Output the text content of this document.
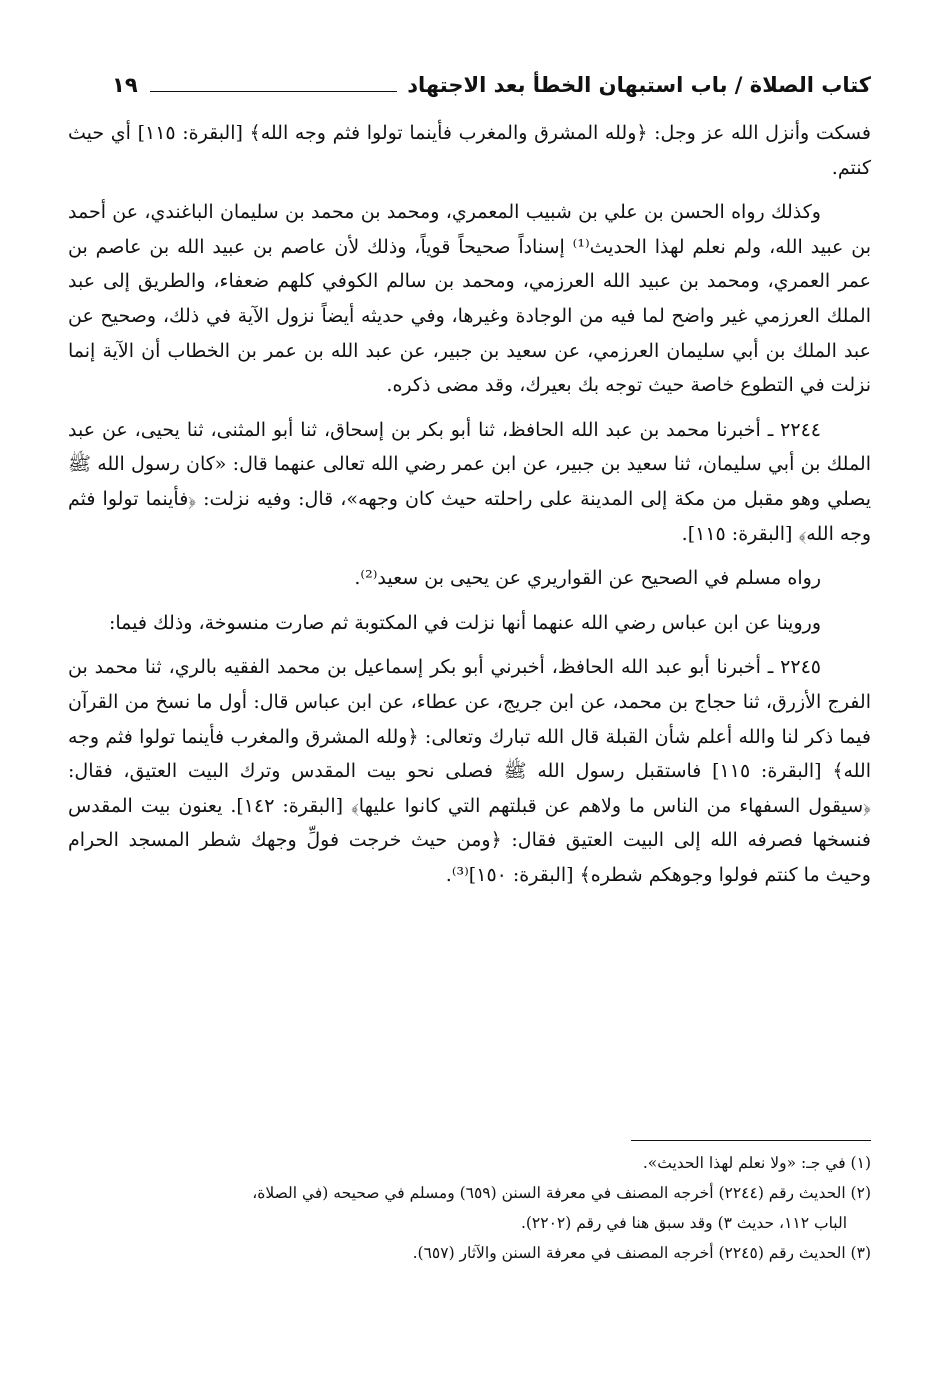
كتاب الصلاة / باب استبهان الخطأ بعد الاجتهاد
١٩

فسكت وأنزل الله عز وجل: ﴿ولله المشرق والمغرب فأينما تولوا فثم وجه الله﴾ [البقرة: ١١٥] أي حيث كنتم.

وكذلك رواه الحسن بن علي بن شبيب المعمري، ومحمد بن محمد بن سليمان الباغندي، عن أحمد بن عبيد الله، ولم نعلم لهذا الحديث⁽¹⁾ إسناداً صحيحاً قوياً، وذلك لأن عاصم بن عبيد الله بن عاصم بن عمر العمري، ومحمد بن عبيد الله العرزمي، ومحمد بن سالم الكوفي كلهم ضعفاء، والطريق إلى عبد الملك العرزمي غير واضح لما فيه من الوجادة وغيرها، وفي حديثه أيضاً نزول الآية في ذلك، وصحيح عن عبد الملك بن أبي سليمان العرزمي، عن سعيد بن جبير، عن عبد الله بن عمر بن الخطاب أن الآية إنما نزلت في التطوع خاصة حيث توجه بك بعيرك، وقد مضى ذكره.

٢٢٤٤ ـ أخبرنا محمد بن عبد الله الحافظ، ثنا أبو بكر بن إسحاق، ثنا أبو المثنى، ثنا يحيى، عن عبد الملك بن أبي سليمان، ثنا سعيد بن جبير، عن ابن عمر رضي الله تعالى عنهما قال: «كان رسول الله ﷺ يصلي وهو مقبل من مكة إلى المدينة على راحلته حيث كان وجهه»، قال: وفيه نزلت: ﴿فأينما تولوا فثم وجه الله﴾ [البقرة: ١١٥].

رواه مسلم في الصحيح عن القواريري عن يحيى بن سعيد⁽²⁾.

وروينا عن ابن عباس رضي الله عنهما أنها نزلت في المكتوبة ثم صارت منسوخة، وذلك فيما:

٢٢٤٥ ـ أخبرنا أبو عبد الله الحافظ، أخبرني أبو بكر إسماعيل بن محمد الفقيه بالري، ثنا محمد بن الفرج الأزرق، ثنا حجاج بن محمد، عن ابن جريج، عن عطاء، عن ابن عباس قال: أول ما نسخ من القرآن فيما ذكر لنا والله أعلم شأن القبلة قال الله تبارك وتعالى: ﴿ولله المشرق والمغرب فأينما تولوا فثم وجه الله﴾ [البقرة: ١١٥] فاستقبل رسول الله ﷺ فصلى نحو بيت المقدس وترك البيت العتيق، فقال: ﴿سيقول السفهاء من الناس ما ولاهم عن قبلتهم التي كانوا عليها﴾ [البقرة: ١٤٢]. يعنون بيت المقدس فنسخها فصرفه الله إلى البيت العتيق فقال: ﴿ومن حيث خرجت فولِّ وجهك شطر المسجد الحرام وحيث ما كنتم فولوا وجوهكم شطره﴾ [البقرة: ١٥٠]⁽³⁾.

(١) في جـ: «ولا نعلم لهذا الحديث».

(٢) الحديث رقم (٢٢٤٤) أخرجه المصنف في معرفة السنن (٦٥٩) ومسلم في صحيحه (في الصلاة،

الباب ١١٢، حديث ٣) وقد سبق هنا في رقم (٢٢٠٢).

(٣) الحديث رقم (٢٢٤٥) أخرجه المصنف في معرفة السنن والآثار (٦٥٧).
